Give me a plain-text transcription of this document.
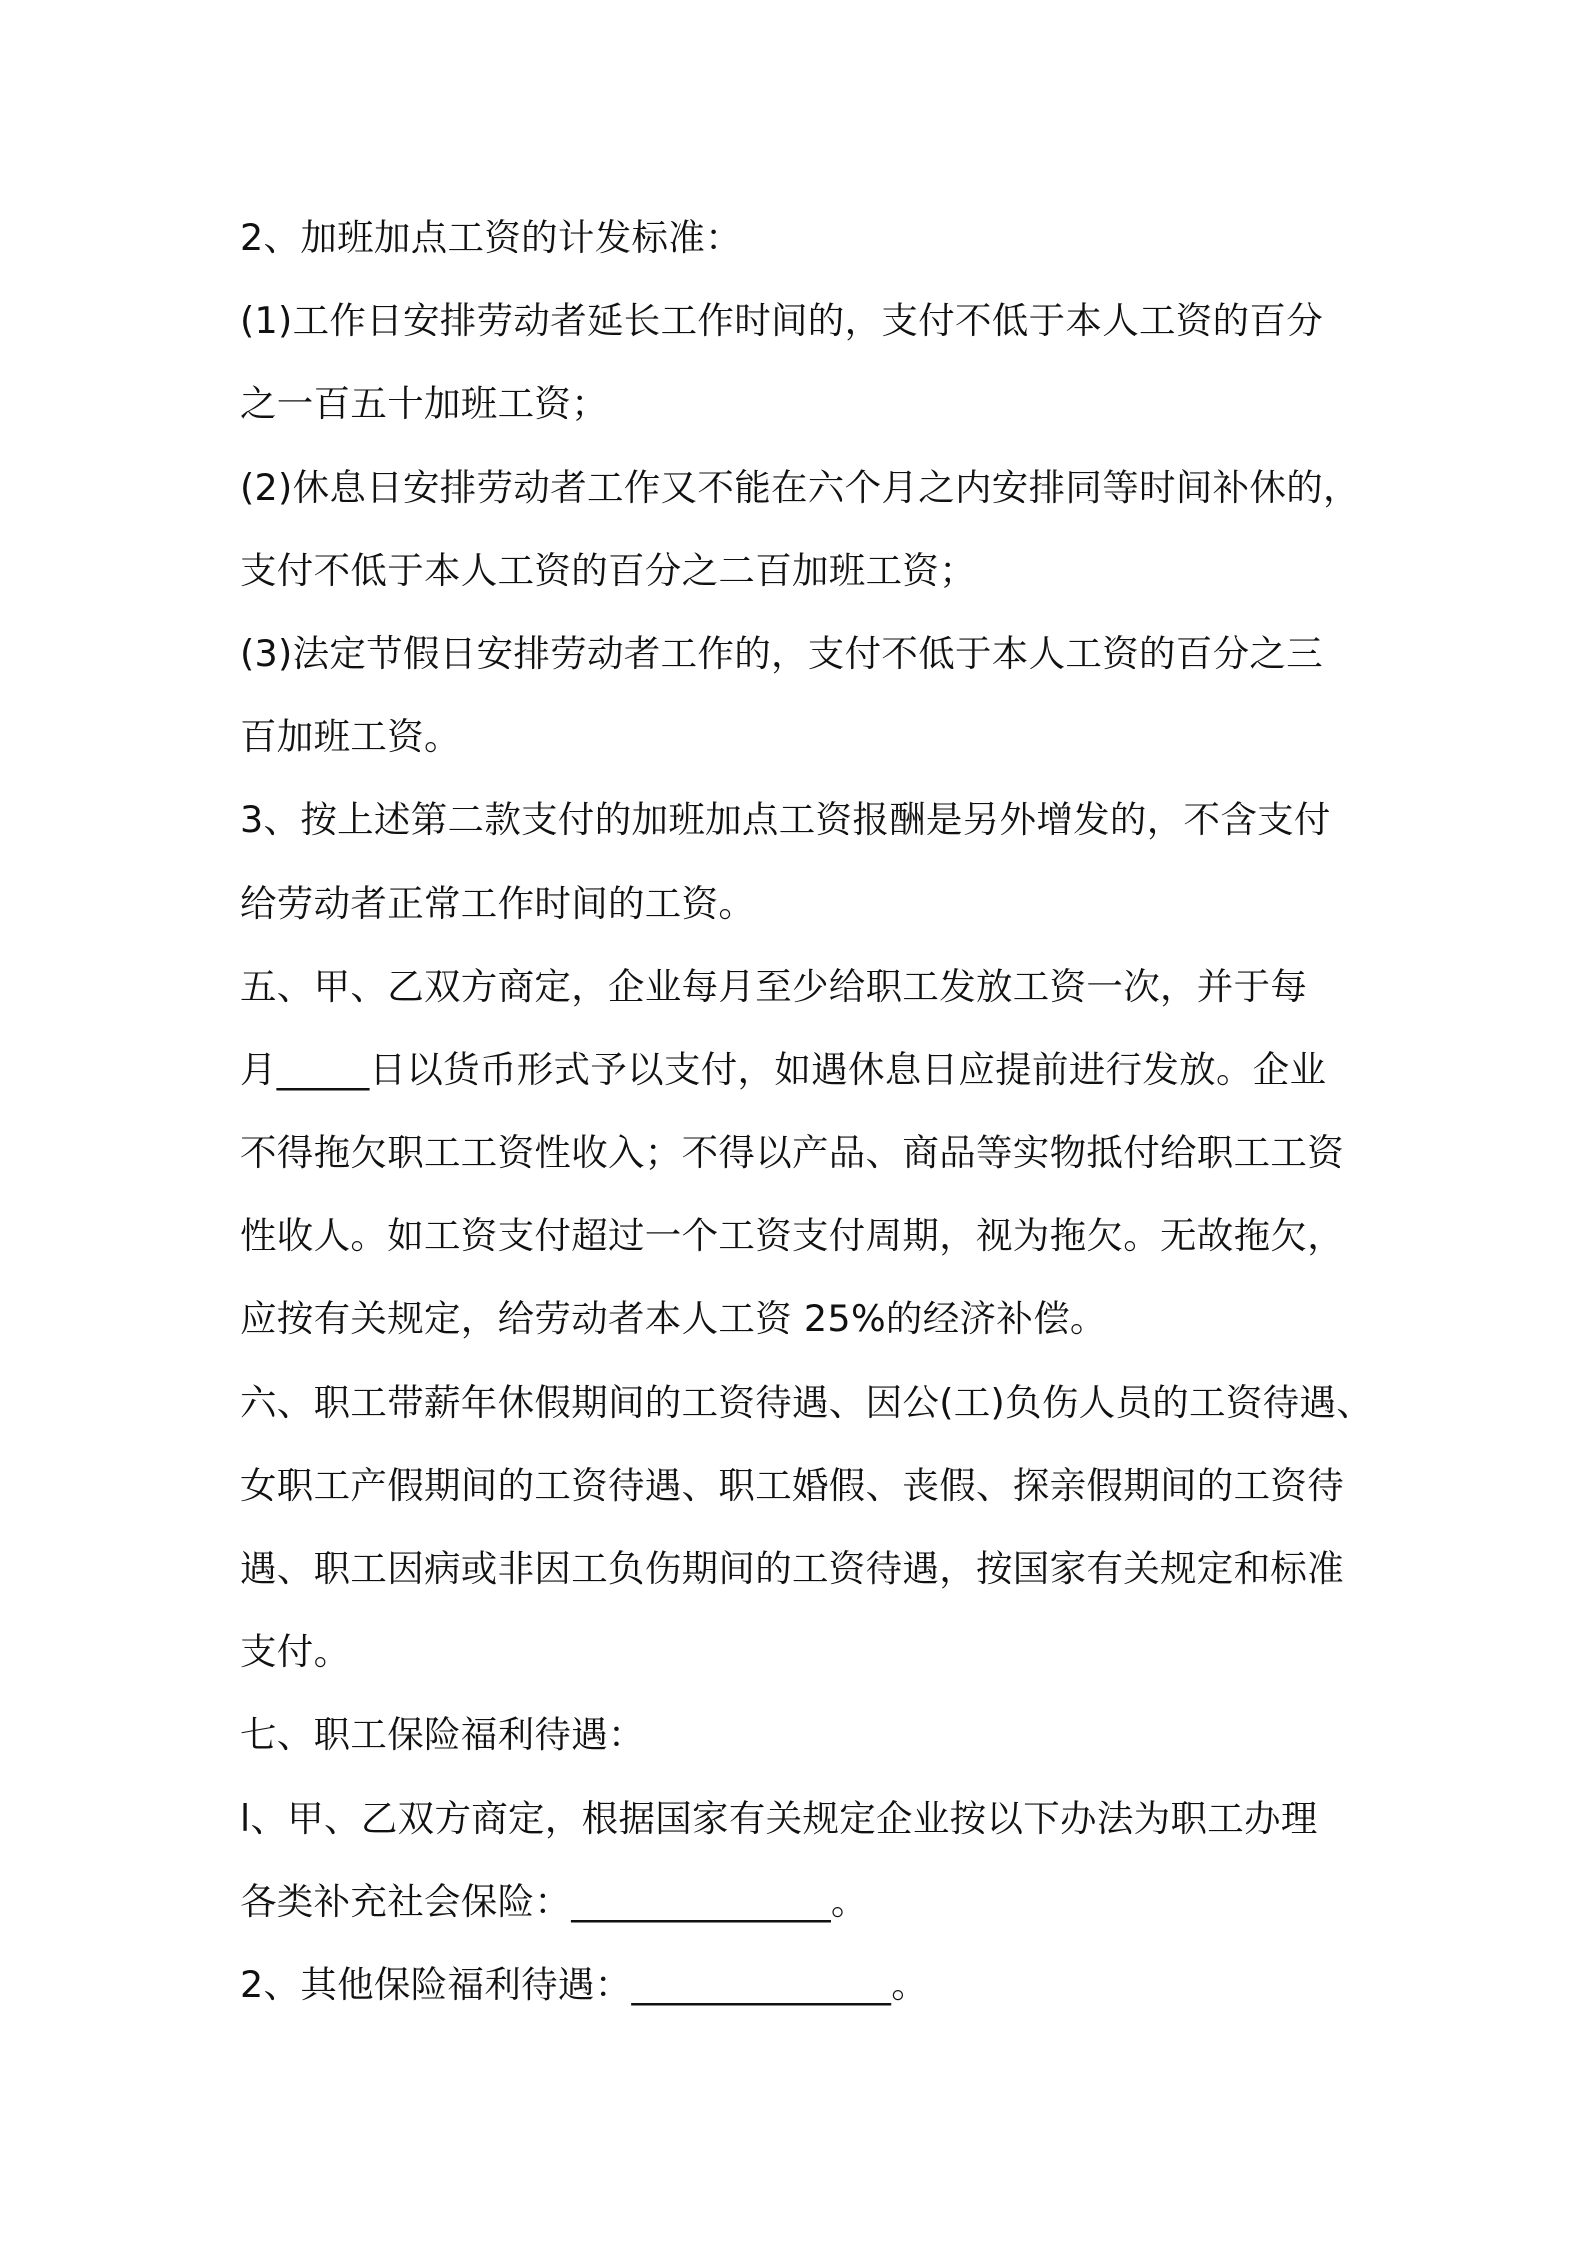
2、加班加点工资的计发标准：
(1)工作日安排劳动者延长工作时间的，支付不低于本人工资的百分
之一百五十加班工资；
(2)休息日安排劳动者工作又不能在六个月之内安排同等时间补休的，
支付不低于本人工资的百分之二百加班工资；
(3)法定节假日安排劳动者工作的，支付不低于本人工资的百分之三
百加班工资。
3、按上述第二款支付的加班加点工资报酬是另外增发的，不含支付
给劳动者正常工作时间的工资。
五、甲、乙双方商定，企业每月至少给职工发放工资一次，并于每
月_____日以货币形式予以支付，如遇休息日应提前进行发放。企业
不得拖欠职工工资性收入；不得以产品、商品等实物抵付给职工工资
性收人。如工资支付超过一个工资支付周期，视为拖欠。无故拖欠，
应按有关规定，给劳动者本人工资 25%的经济补偿。
六、职工带薪年休假期间的工资待遇、因公(工)负伤人员的工资待遇、
女职工产假期间的工资待遇、职工婚假、丧假、探亲假期间的工资待
遇、职工因病或非因工负伤期间的工资待遇，按国家有关规定和标准
支付。
七、职工保险福利待遇：
l、甲、乙双方商定，根据国家有关规定企业按以下办法为职工办理
各类补充社会保险：______________。
2、其他保险福利待遇：______________。
